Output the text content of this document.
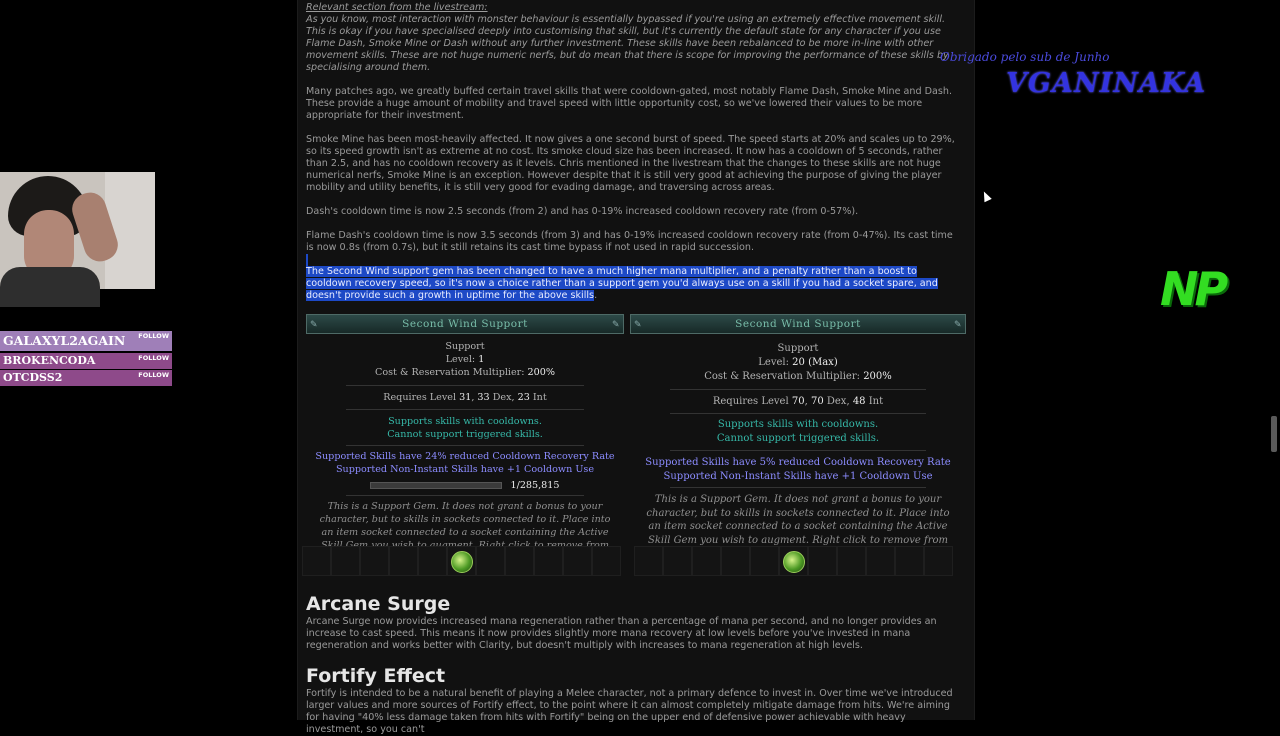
Relevant section from the livestream:
As you know, most interaction with monster behaviour is essentially bypassed if you're using an extremely effective movement skill. This is okay if you have specialised deeply into customising that skill, but it's currently the default state for any character if you use Flame Dash, Smoke Mine or Dash without any further investment. These skills have been rebalanced to be more in-line with other movement skills. These are not huge numeric nerfs, but do mean that there is scope for improving the performance of these skills by specialising around them.

Many patches ago, we greatly buffed certain travel skills that were cooldown-gated, most notably Flame Dash, Smoke Mine and Dash. These provide a huge amount of mobility and travel speed with little opportunity cost, so we've lowered their values to be more appropriate for their investment.

Smoke Mine has been most-heavily affected. It now gives a one second burst of speed. The speed starts at 20% and scales up to 29%, so its speed growth isn't as extreme at no cost. Its smoke cloud size has been increased. It now has a cooldown of 5 seconds, rather than 2.5, and has no cooldown recovery as it levels. Chris mentioned in the livestream that the changes to these skills are not huge numerical nerfs, Smoke Mine is an exception. However despite that it is still very good at achieving the purpose of giving the player mobility and utility benefits, it is still very good for evading damage, and traversing across areas.

Dash's cooldown time is now 2.5 seconds (from 2) and has 0-19% increased cooldown recovery rate (from 0-57%).

Flame Dash's cooldown time is now 3.5 seconds (from 3) and has 0-19% increased cooldown recovery rate (from 0-47%). Its cast time is now 0.8s (from 0.7s), but it still retains its cast time bypass if not used in rapid succession.

The Second Wind support gem has been changed to have a much higher mana multiplier, and a penalty rather than a boost to cooldown recovery speed, so it's now a choice rather than a support gem you'd always use on a skill if you had a socket spare, and doesn't provide such a growth in uptime for the above skills.

✎	Second Wind Support	✎
Support
Level: 1
Cost & Reservation Multiplier: 200%
Requires Level 31, 33 Dex, 23 Int
Supports skills with cooldowns.
Cannot support triggered skills.
Supported Skills have 24% reduced Cooldown Recovery Rate
Supported Non-Instant Skills have +1 Cooldown Use
1/285,815
This is a Support Gem. It does not grant a bonus to your character, but to skills in sockets connected to it. Place into an item socket connected to a socket containing the Active
✎	Second Wind Support	✎
Support
Level: 20 (Max)
Cost & Reservation Multiplier: 200%
Requires Level 70, 70 Dex, 48 Int
Supports skills with cooldowns.
Cannot support triggered skills.
Supported Skills have 5% reduced Cooldown Recovery Rate
Supported Non-Instant Skills have +1 Cooldown Use
This is a Support Gem. It does not grant a bonus to your character, but to skills in sockets connected to it. Place into an item socket connected to a socket containing the Active Skill Gem you wish to augment. Right click to remove from
Arcane Surge

Arcane Surge now provides increased mana regeneration rather than a percentage of mana per second, and no longer provides an increase to cast speed. This means it now provides slightly more mana recovery at low levels before you've invested in mana regeneration and works better with Clarity, but doesn't multiply with increases to mana regeneration at high levels.

Fortify Effect

Fortify is intended to be a natural benefit of playing a Melee character, not a primary defence to invest in. Over time we've introduced larger values and more sources of Fortify effect, to the point where it can almost completely mitigate damage from hits. We're aiming for having "40% less damage taken from hits with Fortify" being on the upper end of defensive power achievable with heavy investment, so you can't

GALAXYL2AGAIN FOLLOW
BROKENCODA	FOLLOW
OTCDSS2	FOLLOW
Obrigado pelo sub de Junho
VGANINAKA
NP
